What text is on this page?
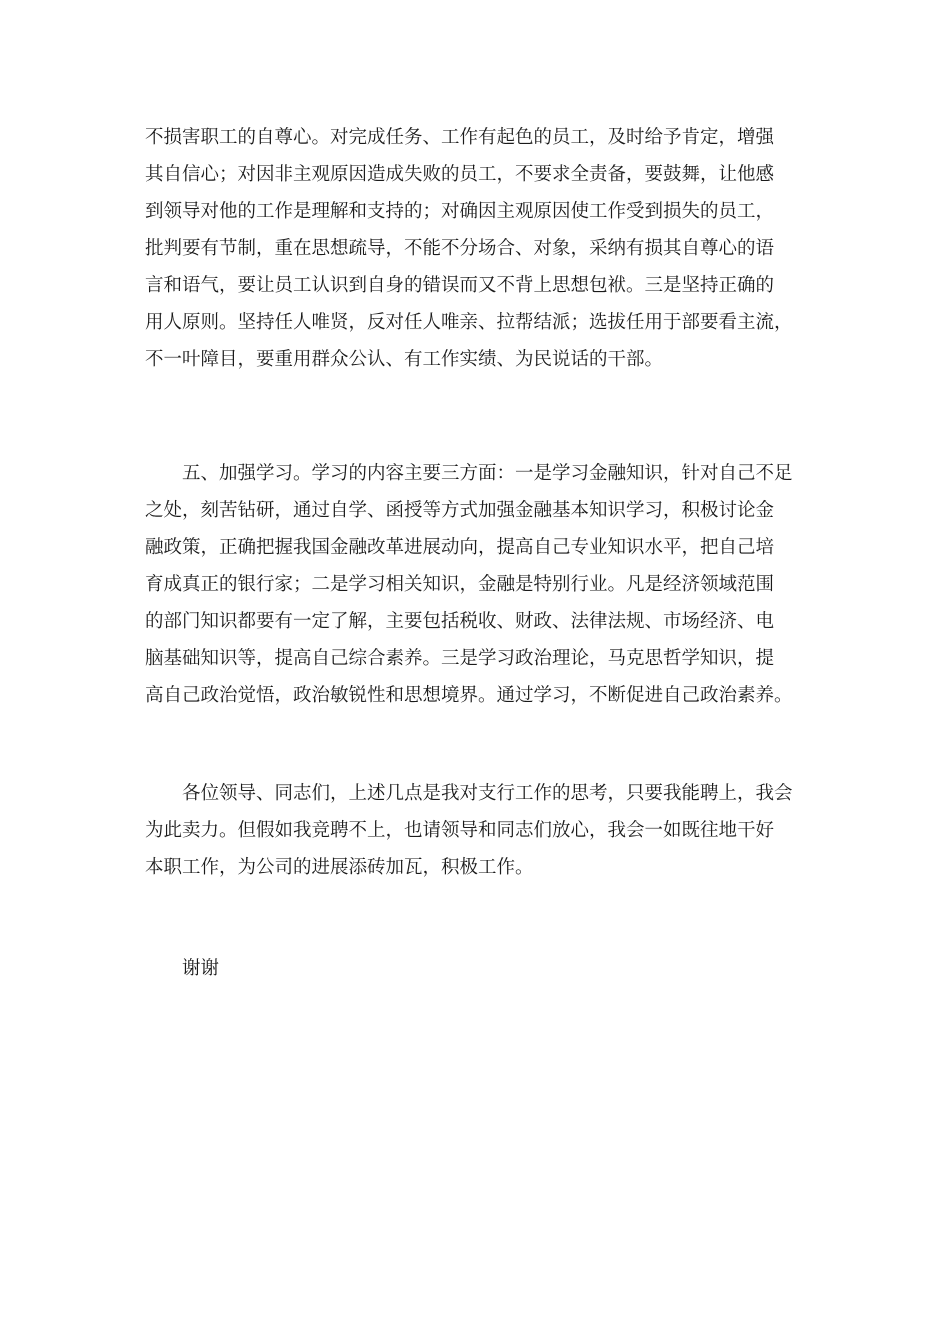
不损害职工的自尊心。对完成任务、工作有起色的员工，及时给予肯定，增强
其自信心；对因非主观原因造成失败的员工，不要求全责备，要鼓舞，让他感
到领导对他的工作是理解和支持的；对确因主观原因使工作受到损失的员工，
批判要有节制，重在思想疏导，不能不分场合、对象，采纳有损其自尊心的语
言和语气，要让员工认识到自身的错误而又不背上思想包袱。三是坚持正确的
用人原则。坚持任人唯贤，反对任人唯亲、拉帮结派；选拔任用于部要看主流，
不一叶障目，要重用群众公认、有工作实绩、为民说话的干部。

　　五、加强学习。学习的内容主要三方面：一是学习金融知识，针对自己不足
之处，刻苦钻研，通过自学、函授等方式加强金融基本知识学习，积极讨论金
融政策，正确把握我国金融改革进展动向，提高自己专业知识水平，把自己培
育成真正的银行家；二是学习相关知识，金融是特别行业。凡是经济领域范围
的部门知识都要有一定了解，主要包括税收、财政、法律法规、市场经济、电
脑基础知识等，提高自己综合素养。三是学习政治理论，马克思哲学知识，提
高自己政治觉悟，政治敏锐性和思想境界。通过学习，不断促进自己政治素养。

　　各位领导、同志们，上述几点是我对支行工作的思考，只要我能聘上，我会
为此卖力。但假如我竞聘不上，也请领导和同志们放心，我会一如既往地干好
本职工作，为公司的进展添砖加瓦，积极工作。

　　谢谢
